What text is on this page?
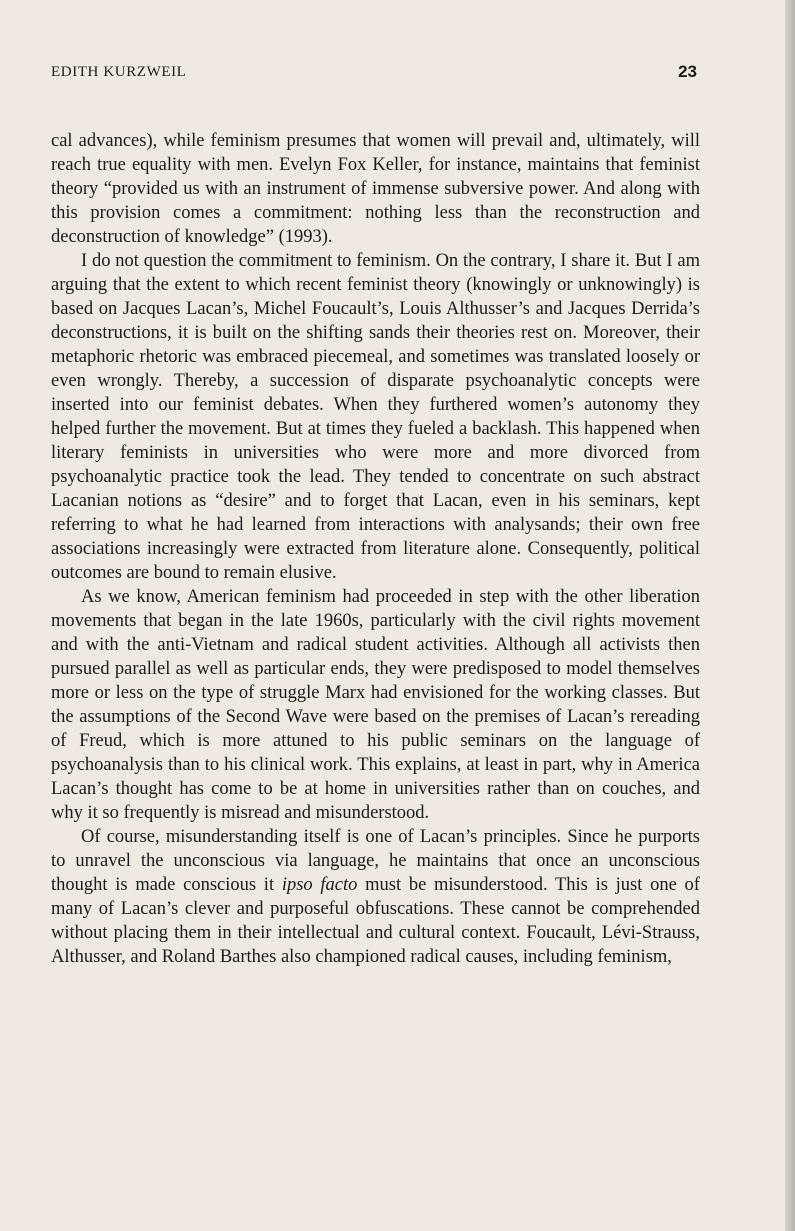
EDITH KURZWEIL	23

cal advances), while feminism presumes that women will prevail and, ultimately, will reach true equality with men. Evelyn Fox Keller, for instance, maintains that feminist theory “provided us with an instrument of immense subversive power. And along with this provision comes a commitment: nothing less than the reconstruction and deconstruction of knowledge” (1993).

I do not question the commitment to feminism. On the contrary, I share it. But I am arguing that the extent to which recent feminist theory (knowingly or unknowingly) is based on Jacques Lacan’s, Michel Foucault’s, Louis Althusser’s and Jacques Derrida’s deconstructions, it is built on the shifting sands their theories rest on. Moreover, their metaphoric rhetoric was embraced piecemeal, and sometimes was translated loosely or even wrongly. Thereby, a succession of disparate psychoanalytic concepts were inserted into our feminist debates. When they furthered women’s autonomy they helped further the movement. But at times they fueled a backlash. This happened when literary feminists in universities who were more and more divorced from psychoanalytic practice took the lead. They tended to concentrate on such abstract Lacanian notions as “desire” and to forget that Lacan, even in his seminars, kept referring to what he had learned from interactions with analysands; their own free associations increasingly were extracted from literature alone. Consequently, political outcomes are bound to remain elusive.

As we know, American feminism had proceeded in step with the other liberation movements that began in the late 1960s, particularly with the civil rights movement and with the anti-Vietnam and radical student activities. Although all activists then pursued parallel as well as particular ends, they were predisposed to model themselves more or less on the type of struggle Marx had envisioned for the working classes. But the assumptions of the Second Wave were based on the premises of Lacan’s rereading of Freud, which is more attuned to his public seminars on the language of psychoanalysis than to his clinical work. This explains, at least in part, why in America Lacan’s thought has come to be at home in universities rather than on couches, and why it so frequently is misread and misunderstood.

Of course, misunderstanding itself is one of Lacan’s principles. Since he purports to unravel the unconscious via language, he maintains that once an unconscious thought is made conscious it ipso facto must be misunderstood. This is just one of many of Lacan’s clever and purposeful obfuscations. These cannot be comprehended without placing them in their intellectual and cultural context. Foucault, Lévi-Strauss, Althusser, and Roland Barthes also championed radical causes, including feminism,
